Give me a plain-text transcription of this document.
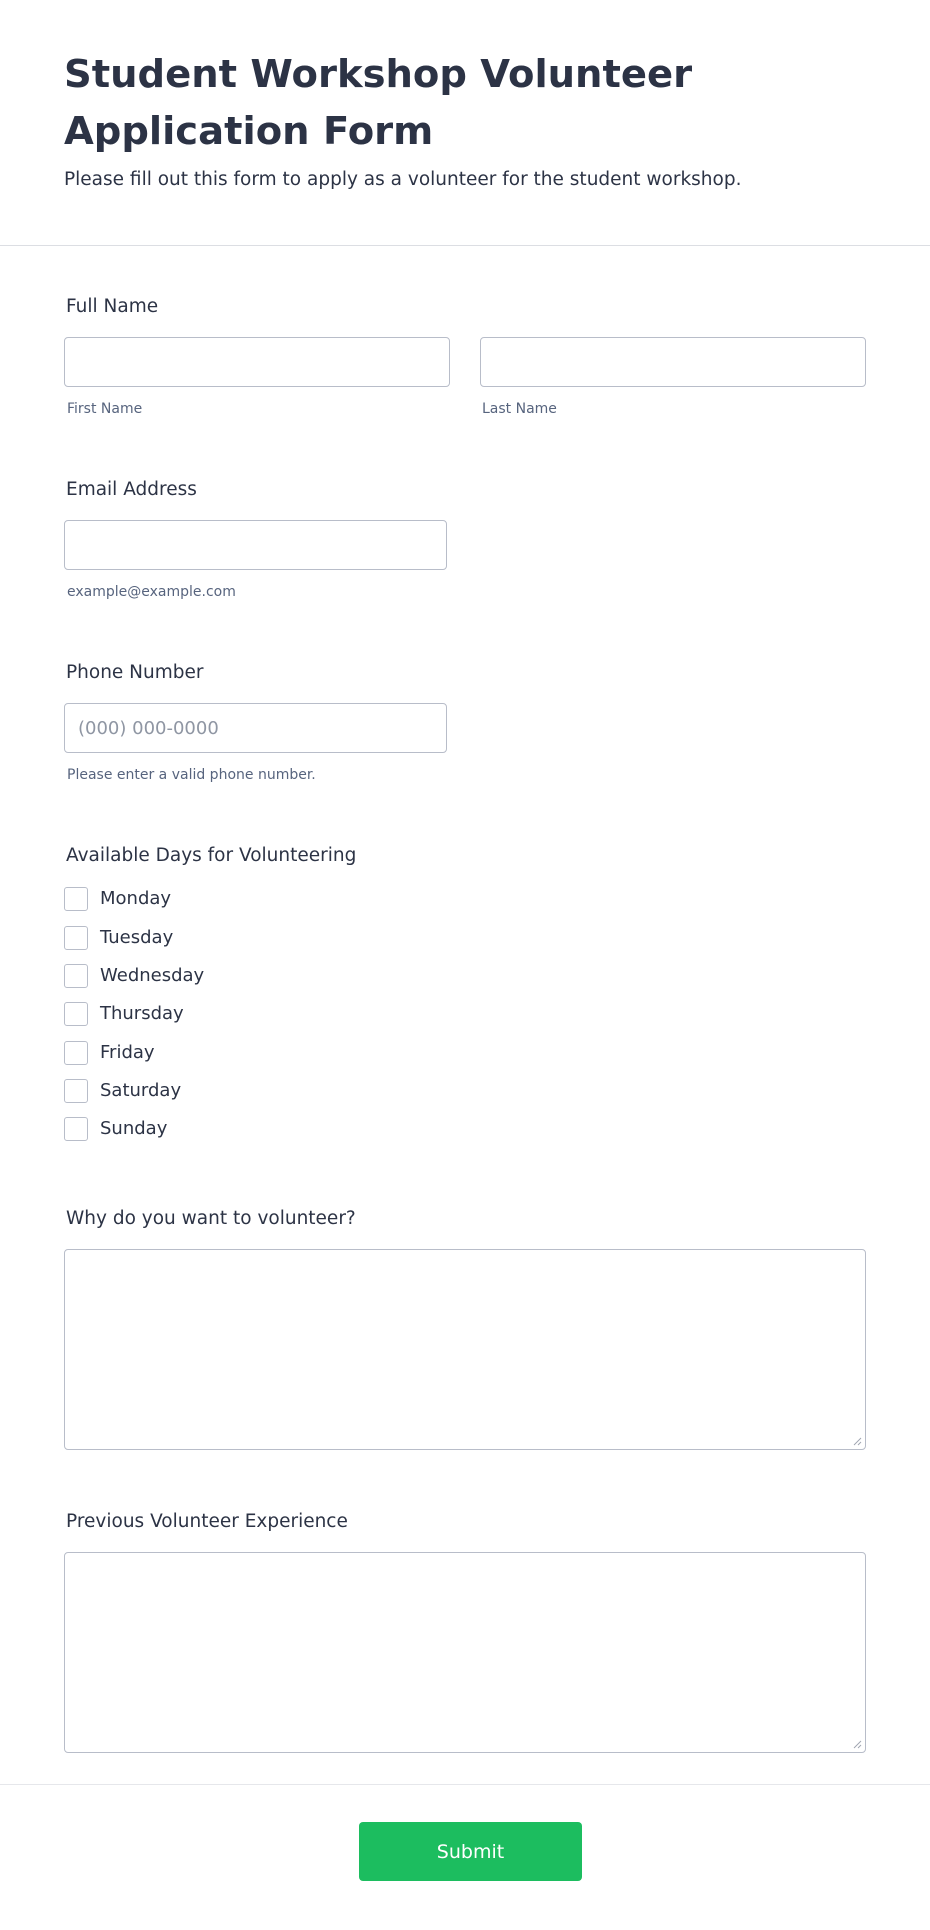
Student Workshop Volunteer Application Form

Please fill out this form to apply as a volunteer for the student workshop.

Full Name
First Name	Last Name
Email Address
example@example.com
Phone Number
(000) 000-0000
Please enter a valid phone number.
Available Days for Volunteering
Monday
Tuesday
Wednesday
Thursday
Friday
Saturday
Sunday
Why do you want to volunteer?
Previous Volunteer Experience
Submit
